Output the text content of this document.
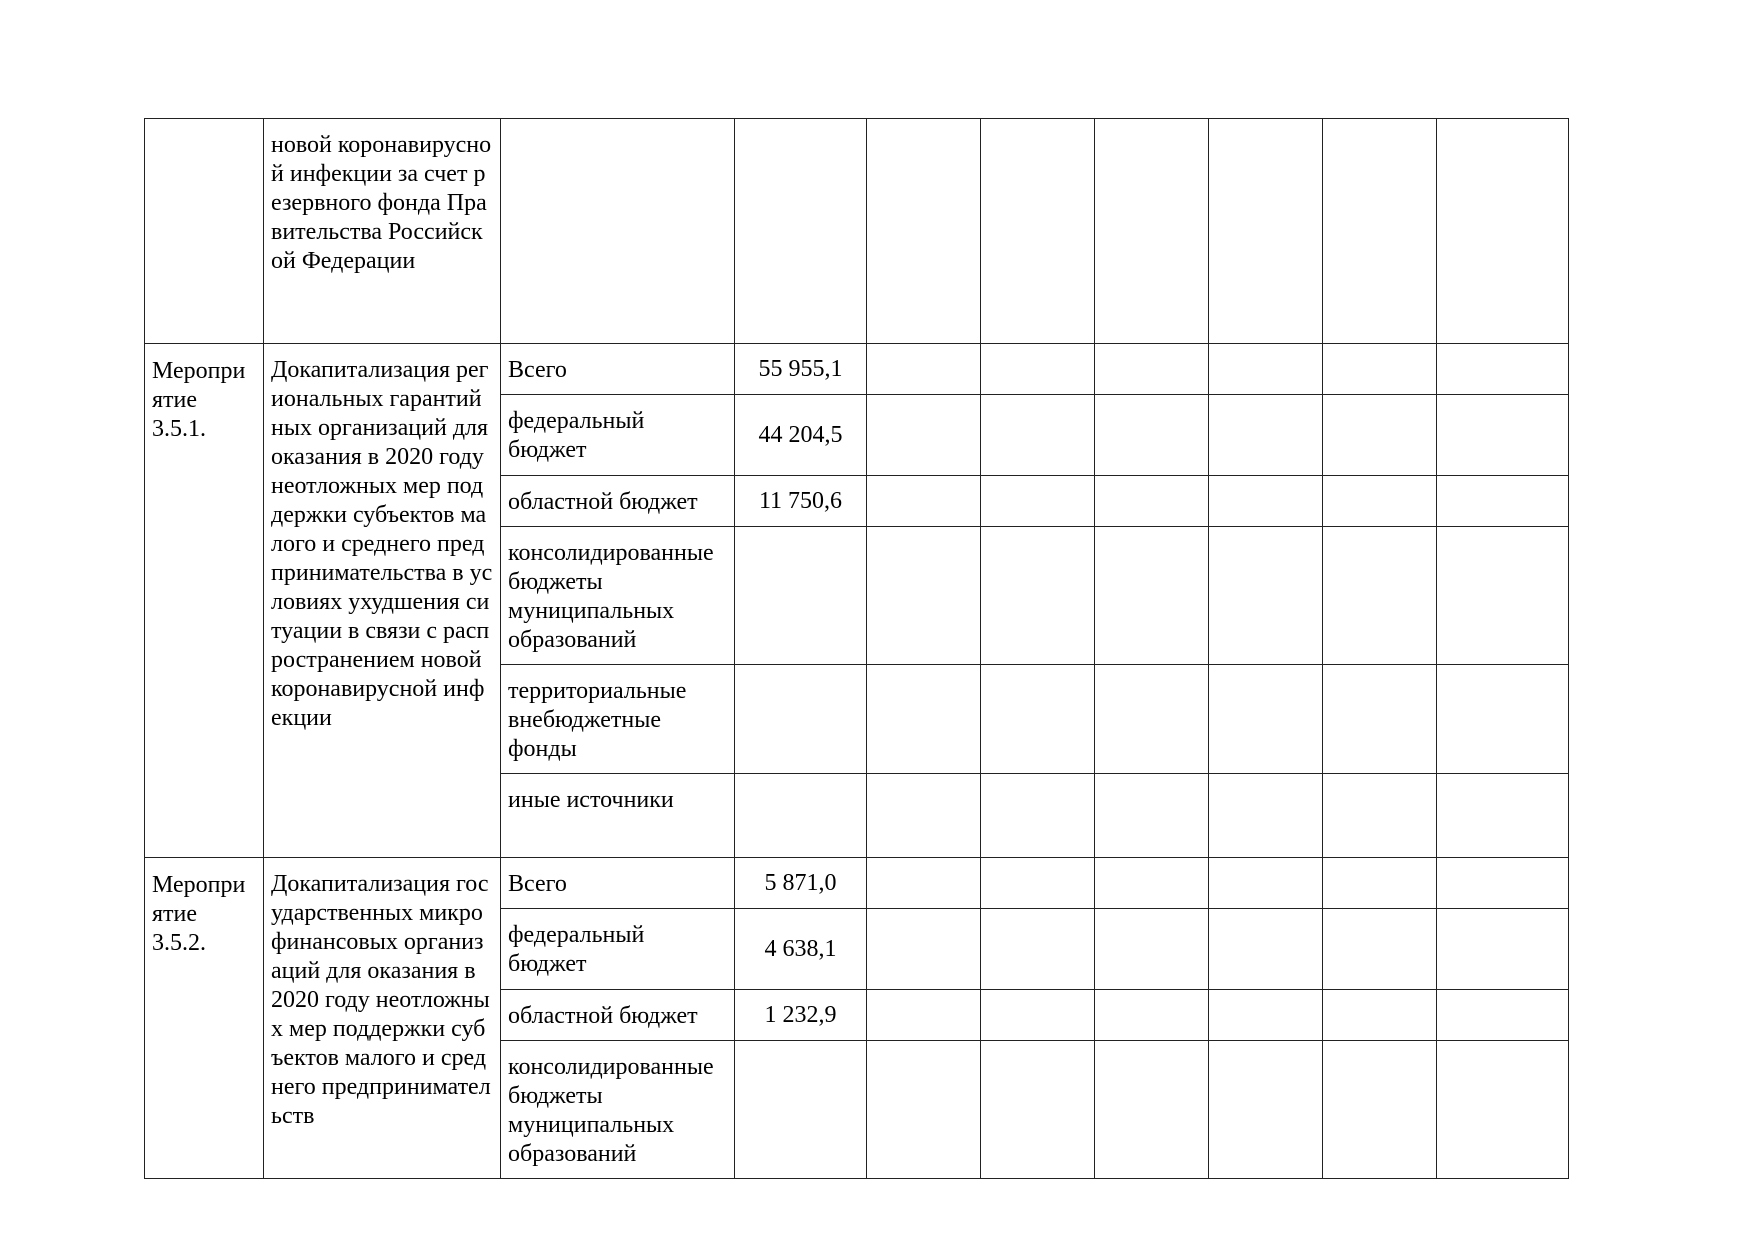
	новой коронавирусной инфекции за счет резервного фонда Правительства Российской Федерации								

Меропри ятие 3.5.1.	Докапитализация региональных гарантийных организаций для оказания в 2020 году неотложных мер поддержки субъектов малого и среднего предпринимательства в условиях ухудшения ситуации в связи с распространением новой коронавирусной инфекции	Всего	55 955,1						

		федеральный бюджет	44 204,5						

		областной бюджет	11 750,6						

		консолидированные бюджеты муниципальных образований							

		территориальные внебюджетные фонды							

		иные источники							

Меропри ятие 3.5.2.	Докапитализация государственных микрофинансовых организаций для оказания в 2020 году неотложных мер поддержки субъектов малого и среднего предпринимательств	Всего	5 871,0						

		федеральный бюджет	4 638,1						

		областной бюджет	1 232,9						

		консолидированные бюджеты муниципальных образований							
